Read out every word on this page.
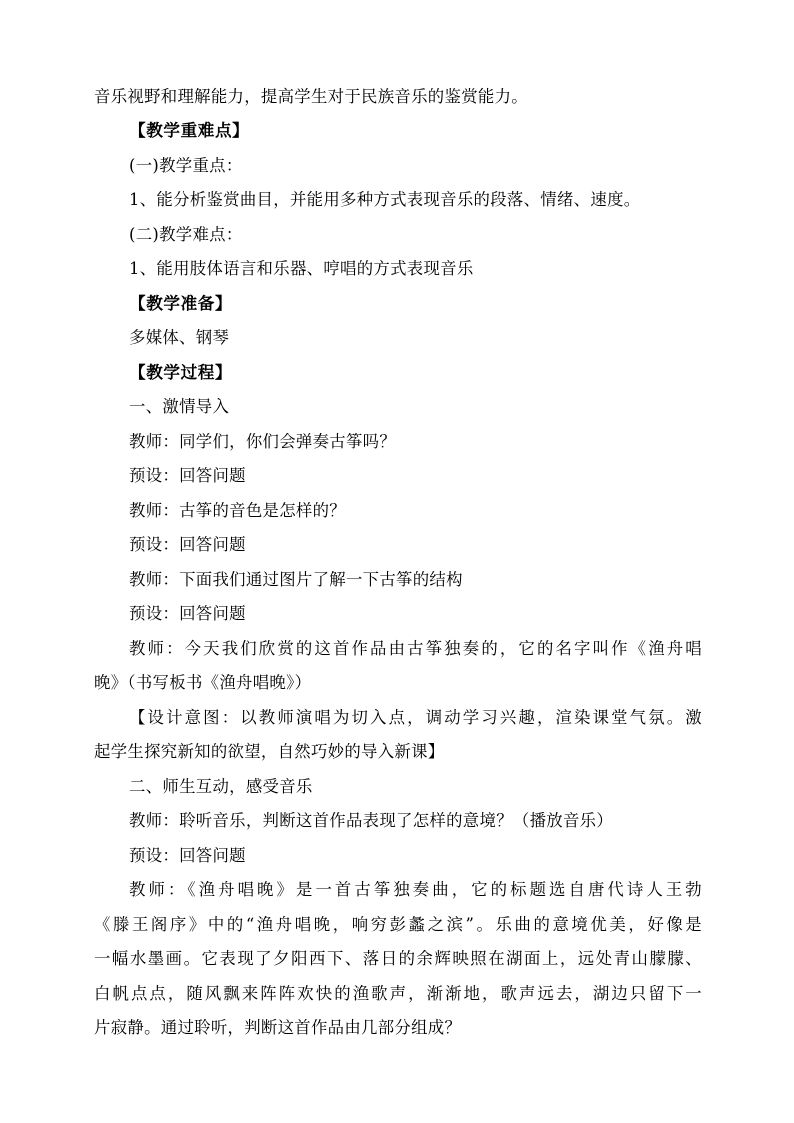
音乐视野和理解能力，提高学生对于民族音乐的鉴赏能力。
【教学重难点】
(一)教学重点：
1、能分析鉴赏曲目，并能用多种方式表现音乐的段落、情绪、速度。
(二)教学难点：
1、能用肢体语言和乐器、哼唱的方式表现音乐
【教学准备】
多媒体、钢琴
【教学过程】
一、激情导入
教师：同学们，你们会弹奏古筝吗？
预设：回答问题
教师：古筝的音色是怎样的？
预设：回答问题
教师：下面我们通过图片了解一下古筝的结构
预设：回答问题
教师：今天我们欣赏的这首作品由古筝独奏的，它的名字叫作《渔舟唱
晚》（书写板书《渔舟唱晚》）
【设计意图：以教师演唱为切入点，调动学习兴趣，渲染课堂气氛。激
起学生探究新知的欲望，自然巧妙的导入新课】
二、师生互动，感受音乐
教师：聆听音乐，判断这首作品表现了怎样的意境？（播放音乐）
预设：回答问题
教师：《渔舟唱晚》是一首古筝独奏曲，它的标题选自唐代诗人王勃
《滕王阁序》中的“渔舟唱晚，响穷彭蠡之滨”。乐曲的意境优美，好像是
一幅水墨画。它表现了夕阳西下、落日的余辉映照在湖面上，远处青山朦朦、
白帆点点，随风飘来阵阵欢快的渔歌声，渐渐地，歌声远去，湖边只留下一
片寂静。通过聆听，判断这首作品由几部分组成？
